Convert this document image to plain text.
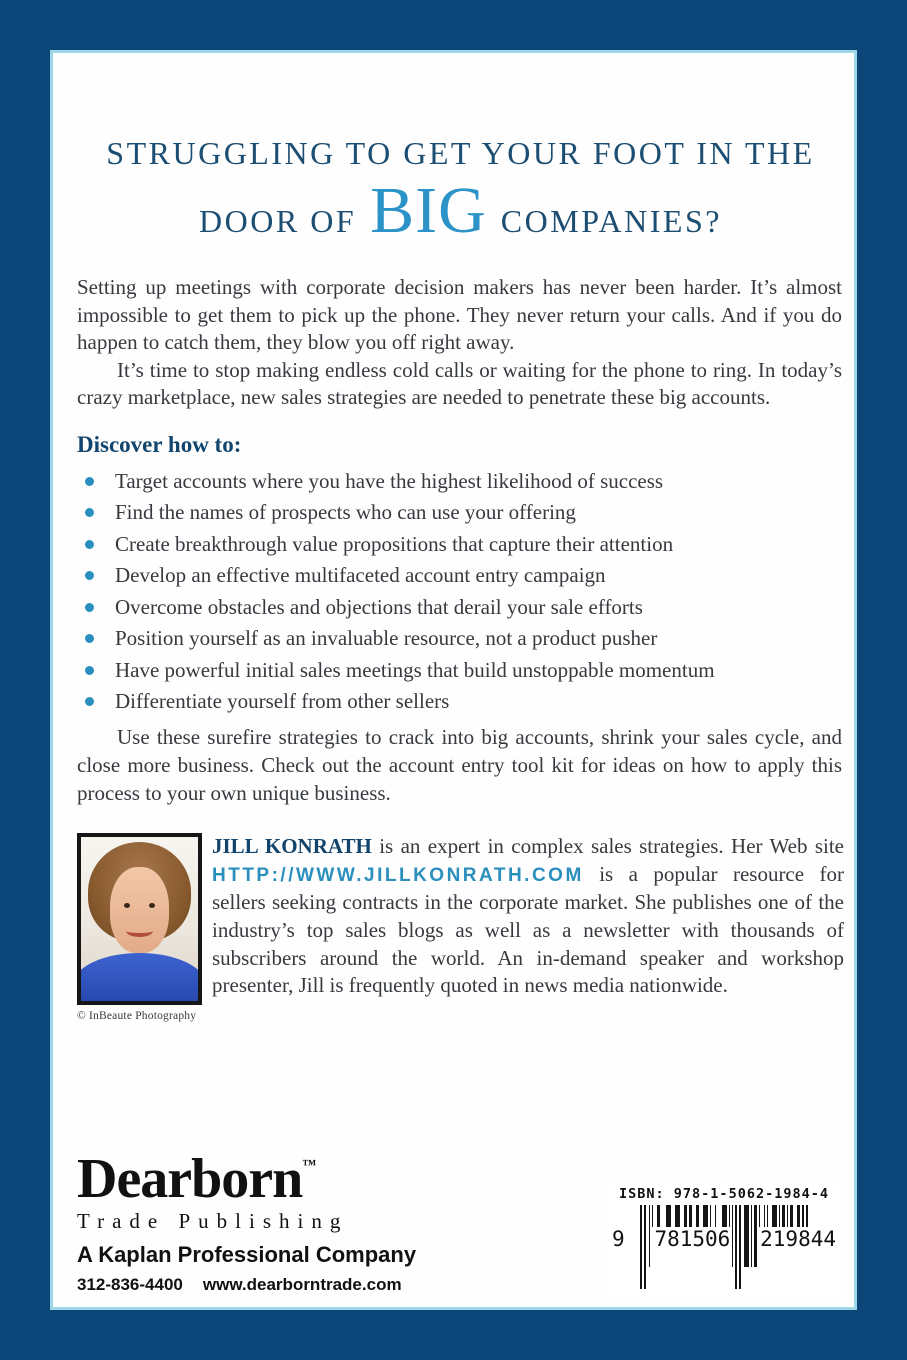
STRUGGLING TO GET YOUR FOOT IN THE
DOOR OF BIG COMPANIES?

Setting up meetings with corporate decision makers has never been harder. It’s almost impossible to get them to pick up the phone. They never return your calls. And if you do happen to catch them, they blow you off right away.

It’s time to stop making endless cold calls or waiting for the phone to ring. In today’s crazy marketplace, new sales strategies are needed to penetrate these big accounts.

Discover how to:
Target accounts where you have the highest likelihood of success
Find the names of prospects who can use your offering
Create breakthrough value propositions that capture their attention
Develop an effective multifaceted account entry campaign
Overcome obstacles and objections that derail your sale efforts
Position yourself as an invaluable resource, not a product pusher
Have powerful initial sales meetings that build unstoppable momentum
Differentiate yourself from other sellers

Use these surefire strategies to crack into big accounts, shrink your sales cycle, and close more business. Check out the account entry tool kit for ideas on how to apply this process to your own unique business.

© InBeaute Photography

JILL KONRATH is an expert in complex sales strategies. Her Web site HTTP://WWW.JILLKONRATH.COM is a popular resource for sellers seeking contracts in the corporate market. She publishes one of the industry’s top sales blogs as well as a newsletter with thousands of subscribers around the world. An in-demand speaker and workshop presenter, Jill is frequently quoted in news media nationwide.

Dearborn™
Trade Publishing
A Kaplan Professional Company
312-836-4400 www.dearborntrade.com
ISBN: 978-1-5062-1984-4
9 781506 219844
